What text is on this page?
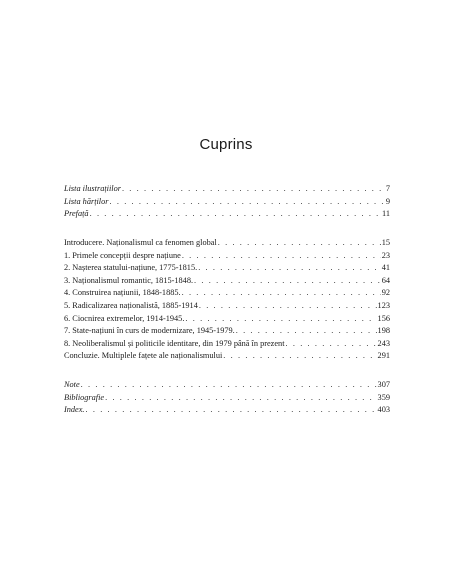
Cuprins
Lista ilustrațiilor . . .	7
Lista hărților . . .	9
Prefață . . .	11
Introducere. Naționalismul ca fenomen global . . .	15
1. Primele concepții despre națiune . . .	23
2. Nașterea statului-națiune, 1775-1815. . . .	41
3. Naționalismul romantic, 1815-1848. . . .	64
4. Construirea națiunii, 1848-1885. . . .	92
5. Radicalizarea naționalistă, 1885-1914 . . .	123
6. Ciocnirea extremelor, 1914-1945. . . .	156
7. State-națiuni în curs de modernizare, 1945-1979. . . .	198
8. Neoliberalismul și politicile identitare, din 1979 până în prezent . . .	243
Concluzie. Multiplele fațete ale naționalismului . . .	291
Note . . .	307
Bibliografie . . .	359
Index. . . .	403
